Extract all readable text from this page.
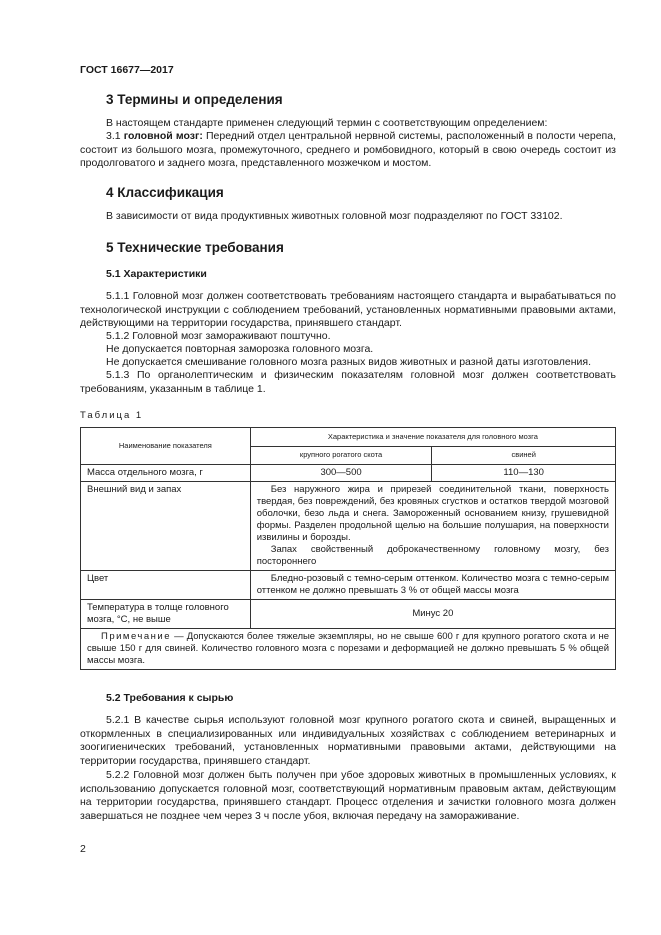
ГОСТ 16677—2017
3 Термины и определения

В настоящем стандарте применен следующий термин с соответствующим определением:

3.1 головной мозг: Передний отдел центральной нервной системы, расположенный в полости черепа, состоит из большого мозга, промежуточного, среднего и ромбовидного, который в свою очередь состоит из продолговатого и заднего мозга, представленного мозжечком и мостом.

4 Классификация

В зависимости от вида продуктивных животных головной мозг подразделяют по ГОСТ 33102.

5 Технические требования
5.1 Характеристики

5.1.1 Головной мозг должен соответствовать требованиям настоящего стандарта и вырабатываться по технологической инструкции с соблюдением требований, установленных нормативными правовыми актами, действующими на территории государства, принявшего стандарт.

5.1.2 Головной мозг замораживают поштучно.

Не допускается повторная заморозка головного мозга.

Не допускается смешивание головного мозга разных видов животных и разной даты изготовления.

5.1.3 По органолептическим и физическим показателям головной мозг должен соответствовать требованиям, указанным в таблице 1.

Таблица 1
Наименование показателя	Характеристика и значение показателя для головного мозга	
	крупного рогатого скота	свиней
Масса отдельного мозга, г	300—500	110—130
Внешний вид и запах	Без наружного жира и прирезей соединительной ткани, поверхность твердая, без повреждений, без кровяных сгустков и остатков твердой мозговой оболочки, безо льда и снега. Замороженный основанием книзу, грушевидной формы. Разделен продольной щелью на большие полушария, на поверхности извилины и борозды.
Запах свойственный доброкачественному головному мозгу, без постороннего	

Цвет	Бледно-розовый с темно-серым оттенком. Количество мозга с темно-серым оттенком не должно превышать 3 % от общей массы мозга	

Температура в толще головного мозга, °С, не выше	Минус 20	

Примечание — Допускаются более тяжелые экземпляры, но не свыше 600 г для крупного рогатого скота и не свыше 150 г для свиней. Количество головного мозга с порезами и деформацией не должно превышать 5 % общей массы мозга.		
5.2 Требования к сырью

5.2.1 В качестве сырья используют головной мозг крупного рогатого скота и свиней, выращенных и откормленных в специализированных или индивидуальных хозяйствах с соблюдением ветеринарных и зоогигиенических требований, установленных нормативными правовыми актами, действующими на территории государства, принявшего стандарт.

5.2.2 Головной мозг должен быть получен при убое здоровых животных в промышленных условиях, к использованию допускается головной мозг, соответствующий нормативным правовым актам, действующим на территории государства, принявшего стандарт. Процесс отделения и зачистки головного мозга должен завершаться не позднее чем через 3 ч после убоя, включая передачу на замораживание.

2
